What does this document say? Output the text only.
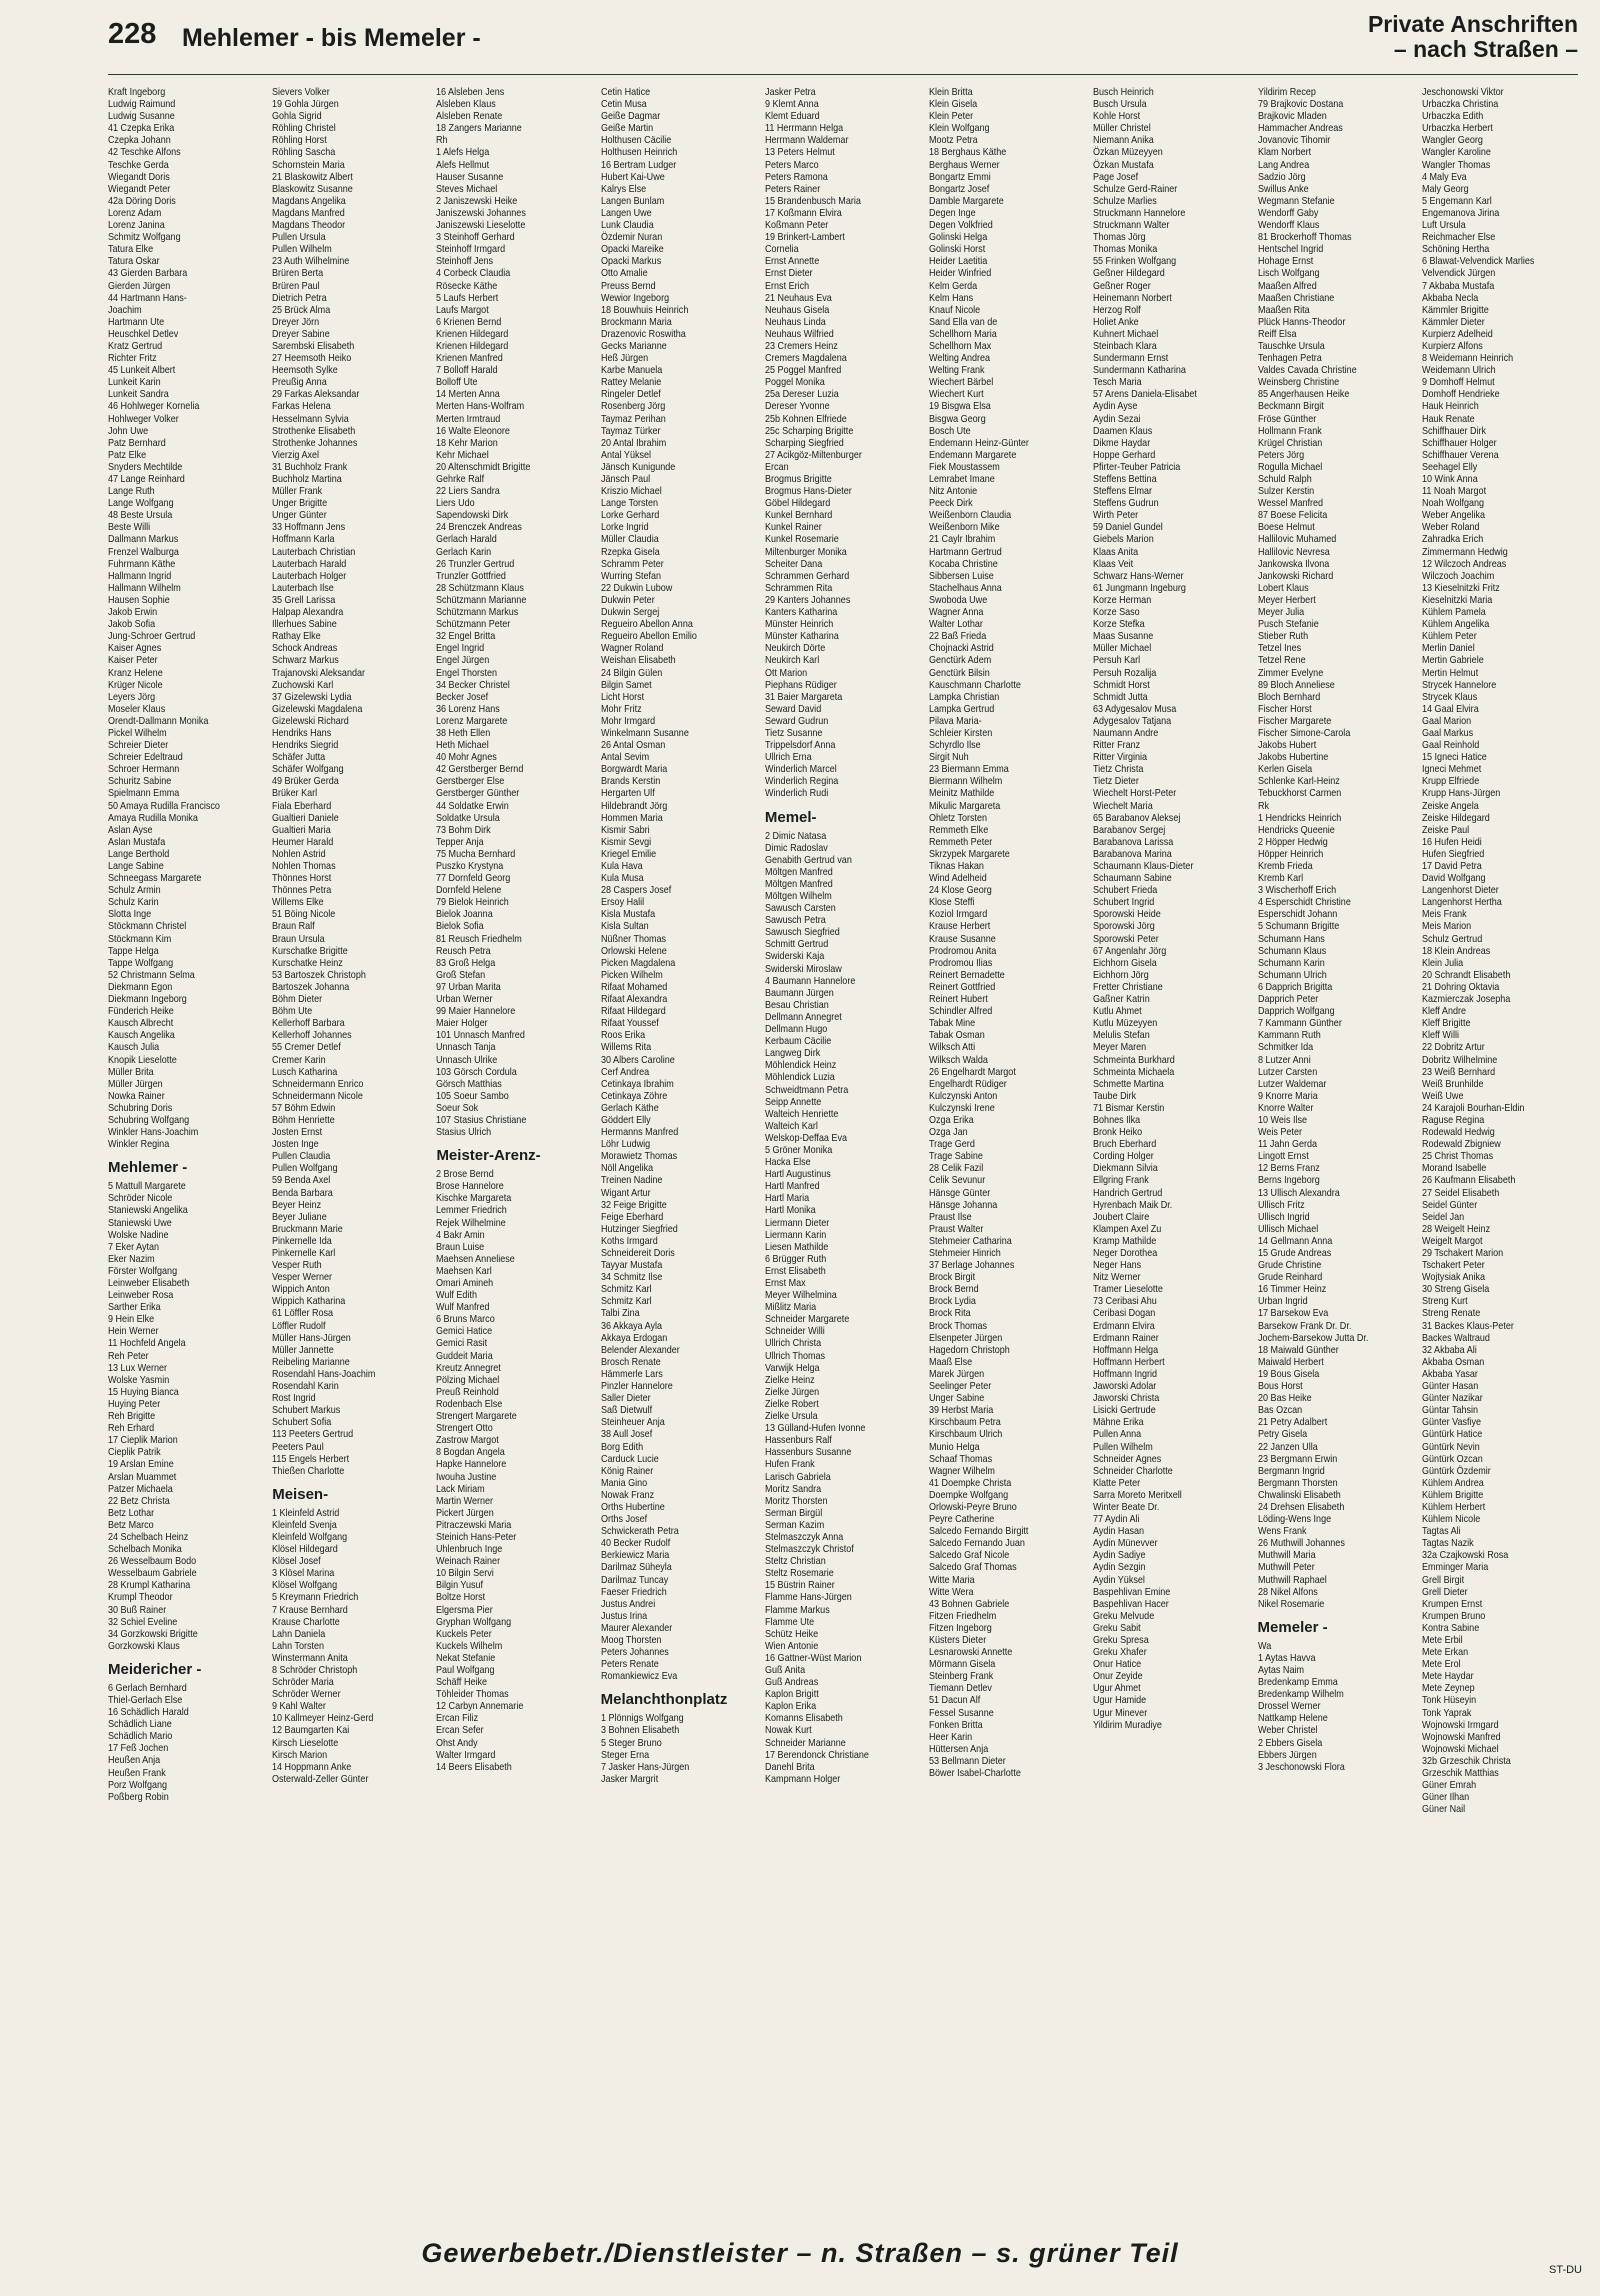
228 Mehlemer - bis Memeler -	Private Anschriften
– nach Straßen –
Kraft Ingeborg
Ludwig Raimund
Ludwig Susanne
41 Czepka Erika
Czepka Johann
42 Teschke Alfons
Teschke Gerda
Wiegandt Doris
Wiegandt Peter
42a Döring Doris
Lorenz Adam
Lorenz Janina
Schmitz Wolfgang
Tatura Elke
Tatura Oskar
43 Gierden Barbara
Gierden Jürgen
44 Hartmann Hans-
Joachim
Hartmann Ute
Heuschkel Detlev
Kratz Gertrud
Richter Fritz
45 Lunkeit Albert
Lunkeit Karin
Lunkeit Sandra
46 Hohlweger Kornelia
Hohlweger Volker
John Uwe
Patz Bernhard
Patz Elke
Snyders Mechtilde
47 Lange Reinhard
Lange Ruth
Lange Wolfgang
48 Beste Ursula
Beste Willi
Dallmann Markus
Frenzel Walburga
Fuhrmann Käthe
Hallmann Ingrid
Hallmann Wilhelm
Hausen Sophie
Jakob Erwin
Jakob Sofia
Jung-Schroer Gertrud
Kaiser Agnes
Kaiser Peter
Kranz Helene
Krüger Nicole
Leyers Jörg
Moseler Klaus
Orendt-Dallmann Monika
Pickel Wilhelm
Schreier Dieter
Schreier Edeltraud
Schroer Hermann
Schuritz Sabine
Spielmann Emma
50 Amaya Rudilla Francisco
Amaya Rudilla Monika
Aslan Ayse
Aslan Mustafa
Lange Berthold
Lange Sabine
Schneegass Margarete
Schulz Armin
Schulz Karin
Slotta Inge
Stöckmann Christel
Stöckmann Kim
Tappe Helga
Tappe Wolfgang
52 Christmann Selma
Diekmann Egon
Diekmann Ingeborg
Fünderich Heike
Kausch Albrecht
Kausch Angelika
Kausch Julia
Knopik Lieselotte
Müller Brita
Müller Jürgen
Nowka Rainer
Schubring Doris
Schubring Wolfgang
Winkler Hans-Joachim
Winkler Regina
Mehlemer -
5 Mattull Margarete
Schröder Nicole
Staniewski Angelika
Staniewski Uwe
Wolske Nadine
7 Eker Aytan
Eker Nazim
Förster Wolfgang
Leinweber Elisabeth
Leinweber Rosa
Sarther Erika
9 Hein Elke
Hein Werner
11 Hochfeld Angela
Reh Peter
13 Lux Werner
Wolske Yasmin
15 Huying Bianca
Huying Peter
Reh Brigitte
Reh Erhard
17 Cieplik Marion
Cieplik Patrik
19 Arslan Emine
Arslan Muammet
Patzer Michaela
22 Betz Christa
Betz Lothar
Betz Marco
24 Schelbach Heinz
Schelbach Monika
26 Wesselbaum Bodo
Wesselbaum Gabriele
28 Krumpl Katharina
Krumpl Theodor
30 Buß Rainer
32 Schiel Eveline
34 Gorzkowski Brigitte
Gorzkowski Klaus
Meidericher -
6 Gerlach Bernhard
Thiel-Gerlach Else
16 Schädlich Harald
Schädlich Liane
Schädlich Mario
17 Feß Jochen
Heußen Anja
Heußen Frank
Porz Wolfgang
Poßberg Robin
Sievers Volker
19 Gohla Jürgen
Gohla Sigrid
Röhling Christel
Röhling Horst
Röhling Sascha
Schornstein Maria
21 Blaskowitz Albert
Blaskowitz Susanne
Magdans Angelika
Magdans Manfred
Magdans Theodor
Pullen Ursula
Pullen Wilhelm
23 Auth Wilhelmine
Brüren Berta
Brüren Paul
Dietrich Petra
25 Brück Alma
Dreyer Jörn
Dreyer Sabine
Sarembski Elisabeth
27 Heemsoth Heiko
Heemsoth Sylke
Preußig Anna
29 Farkas Aleksandar
Farkas Helena
Hesselmann Sylvia
Strothenke Elisabeth
Strothenke Johannes
Vierzig Axel
31 Buchholz Frank
Buchholz Martina
Müller Frank
Unger Brigitte
Unger Günter
33 Hoffmann Jens
Hoffmann Karla
Lauterbach Christian
Lauterbach Harald
Lauterbach Holger
Lauterbach Ilse
35 Grell Larissa
Halpap Alexandra
Illerhues Sabine
Rathay Elke
Schock Andreas
Schwarz Markus
Trajanovski Aleksandar
Zuchowski Karl
37 Gizelewski Lydia
Gizelewski Magdalena
Gizelewski Richard
Hendriks Hans
Hendriks Siegrid
Schäfer Jutta
Schäfer Wolfgang
49 Brüker Gerda
Brüker Karl
Fiala Eberhard
Gualtieri Daniele
Gualtieri Maria
Heumer Harald
Nohlen Astrid
Nohlen Thomas
Thönnes Horst
Thönnes Petra
Willems Elke
51 Böing Nicole
Braun Ralf
Braun Ursula
Kurschatke Brigitte
Kurschatke Heinz
53 Bartoszek Christoph
Bartoszek Johanna
Böhm Dieter
Böhm Ute
Kellerhoff Barbara
Kellerhoff Johannes
55 Cremer Detlef
Cremer Karin
Lusch Katharina
Schneidermann Enrico
Schneidermann Nicole
57 Böhm Edwin
Böhm Henriette
Josten Ernst
Josten Inge
Pullen Claudia
Pullen Wolfgang
59 Benda Axel
Benda Barbara
Beyer Heinz
Beyer Juliane
Bruckmann Marie
Pinkernelle Ida
Pinkernelle Karl
Vesper Ruth
Vesper Werner
Wippich Anton
Wippich Katharina
61 Löffler Rosa
Löffler Rudolf
Müller Hans-Jürgen
Müller Jannette
Reibeling Marianne
Rosendahl Hans-Joachim
Rosendahl Karin
Rost Ingrid
Schubert Markus
Schubert Sofia
113 Peeters Gertrud
Peeters Paul
115 Engels Herbert
Thießen Charlotte
Meisen-
1 Kleinfeld Astrid
Kleinfeld Svenja
Kleinfeld Wolfgang
Klösel Hildegard
Klösel Josef
3 Klösel Marina
Klösel Wolfgang
5 Kreymann Friedrich
7 Krause Bernhard
Krause Charlotte
Lahn Daniela
Lahn Torsten
Winstermann Anita
8 Schröder Christoph
Schröder Maria
Schröder Werner
9 Kahl Walter
10 Kallmeyer Heinz-Gerd
12 Baumgarten Kai
Kirsch Lieselotte
Kirsch Marion
14 Hoppmann Anke
Osterwald-Zeller Günter
16 Alsleben Jens
Alsleben Klaus
Alsleben Renate
18 Zangers Marianne
Rh
1 Alefs Helga
Alefs Hellmut
Hauser Susanne
Steves Michael
2 Janiszewski Heike
Janiszewski Johannes
Janiszewski Lieselotte
3 Steinhoff Gerhard
Steinhoff Irmgard
Steinhoff Jens
4 Corbeck Claudia
Rösecke Käthe
5 Laufs Herbert
Laufs Margot
6 Krienen Bernd
Krienen Hildegard
Krienen Hildegard
Krienen Manfred
7 Bolloff Harald
Bolloff Ute
14 Merten Anna
Merten Hans-Wolfram
Merten Irmtraud
16 Walte Eleonore
18 Kehr Marion
Kehr Michael
20 Altenschmidt Brigitte
Gehrke Ralf
22 Liers Sandra
Liers Udo
Sapendowski Dirk
24 Brenczek Andreas
Gerlach Harald
Gerlach Karin
26 Trunzler Gertrud
Trunzler Gottfried
28 Schützmann Klaus
Schützmann Marianne
Schützmann Markus
Schützmann Peter
32 Engel Britta
Engel Ingrid
Engel Jürgen
Engel Thorsten
34 Becker Christel
Becker Josef
36 Lorenz Hans
Lorenz Margarete
38 Heth Ellen
Heth Michael
40 Mohr Agnes
42 Gerstberger Bernd
Gerstberger Else
Gerstberger Günther
44 Soldatke Erwin
Soldatke Ursula
73 Bohm Dirk
Tepper Anja
75 Mucha Bernhard
Puszko Krystyna
77 Dornfeld Georg
Dornfeld Helene
79 Bielok Heinrich
Bielok Joanna
Bielok Sofia
81 Reusch Friedhelm
Reusch Petra
83 Groß Helga
Groß Stefan
97 Urban Marita
Urban Werner
99 Maier Hannelore
Maier Holger
101 Unnasch Manfred
Unnasch Tanja
Unnasch Ulrike
103 Görsch Cordula
Görsch Matthias
105 Soeur Sambo
Soeur Sok
107 Stasius Christiane
Stasius Ulrich
Meister-Arenz-
2 Brose Bernd
Brose Hannelore
Kischke Margareta
Lemmer Friedrich
Rejek Wilhelmine
4 Bakr Amin
Braun Luise
Maehsen Anneliese
Maehsen Karl
Omari Amineh
Wulf Edith
Wulf Manfred
6 Bruns Marco
Gemici Hatice
Gemici Rasit
Guddeit Maria
Kreutz Annegret
Pölzing Michael
Preuß Reinhold
Rodenbach Else
Strengert Margarete
Strengert Otto
Zastrow Margot
8 Bogdan Angela
Hapke Hannelore
Iwouha Justine
Lack Miriam
Martin Werner
Pickert Jürgen
Pitraczewski Maria
Steinich Hans-Peter
Uhlenbruch Inge
Weinach Rainer
10 Bilgin Servi
Bilgin Yusuf
Boltze Horst
Elgersma Pier
Gryphan Wolfgang
Kuckels Peter
Kuckels Wilhelm
Nekat Stefanie
Paul Wolfgang
Schäff Heike
Töhleider Thomas
12 Carbyn Annemarie
Ercan Filiz
Ercan Sefer
Ohst Andy
Walter Irmgard
14 Beers Elisabeth
Cetin Hatice
Cetin Musa
Geiße Dagmar
Geiße Martin
Holthusen Cäcilie
Holthusen Heinrich
16 Bertram Ludger
Hubert Kai-Uwe
Kalrys Else
Langen Bunlam
Langen Uwe
Lunk Claudia
Özdemir Nuran
Opacki Mareike
Opacki Markus
Otto Amalie
Preuss Bernd
Wewior Ingeborg
18 Bouwhuis Heinrich
Brockmann Maria
Drazenovic Roswitha
Gecks Marianne
Heß Jürgen
Karbe Manuela
Rattey Melanie
Ringeler Detlef
Rosenberg Jörg
Taymaz Perihan
Taymaz Türker
20 Antal Ibrahim
Antal Yüksel
Jänsch Kunigunde
Jänsch Paul
Kriszio Michael
Lange Torsten
Lorke Gerhard
Lorke Ingrid
Müller Claudia
Rzepka Gisela
Schramm Peter
Wurring Stefan
22 Dukwin Lubow
Dukwin Peter
Dukwin Sergej
Regueiro Abellon Anna
Regueiro Abellon Emilio
Wagner Roland
Weishan Elisabeth
24 Bilgin Gülen
Bilgin Samet
Licht Horst
Mohr Fritz
Mohr Irmgard
Winkelmann Susanne
26 Antal Osman
Antal Sevim
Borgwardt Maria
Brands Kerstin
Hergarten Ulf
Hildebrandt Jörg
Hommen Maria
Kismir Sabri
Kismir Sevgi
Kriegel Emilie
Kula Hava
Kula Musa
28 Caspers Josef
Ersoy Halil
Kisla Mustafa
Kisla Sultan
Nüßner Thomas
Orlowski Helene
Picken Magdalena
Picken Wilhelm
Rifaat Mohamed
Rifaat Alexandra
Rifaat Hildegard
Rifaat Youssef
Roos Erika
Willems Rita
30 Albers Caroline
Cerf Andrea
Cetinkaya Ibrahim
Cetinkaya Zöhre
Gerlach Käthe
Göddert Elly
Hermanns Manfred
Löhr Ludwig
Morawietz Thomas
Nöll Angelika
Treinen Nadine
Wigant Artur
32 Feige Brigitte
Feige Eberhard
Hutzinger Siegfried
Koths Irmgard
Schneidereit Doris
Tayyar Mustafa
34 Schmitz Ilse
Schmitz Karl
Schmitz Karl
Talbi Zina
36 Akkaya Ayla
Akkaya Erdogan
Belender Alexander
Brosch Renate
Hämmerle Lars
Pinzler Hannelore
Saller Dieter
Saß Dietwulf
Steinheuer Anja
38 Aull Josef
Borg Edith
Carduck Lucie
König Rainer
Mania Gino
Nowak Franz
Orths Hubertine
Orths Josef
Schwickerath Petra
40 Becker Rudolf
Berkiewicz Maria
Darilmaz Süheyla
Darilmaz Tuncay
Faeser Friedrich
Justus Andrei
Justus Irina
Maurer Alexander
Moog Thorsten
Peters Johannes
Peters Renate
Romankiewicz Eva
Melanchthonplatz
1 Plönnigs Wolfgang
3 Bohnen Elisabeth
5 Steger Bruno
Steger Erna
7 Jasker Hans-Jürgen
Jasker Margrit
Jasker Petra
9 Klemt Anna
Klemt Eduard
11 Herrmann Helga
Herrmann Waldemar
13 Peters Helmut
Peters Marco
Peters Ramona
Peters Rainer
15 Brandenbusch Maria
17 Koßmann Elvira
Koßmann Peter
19 Brinkert-Lambert
Cornelia
Ernst Annette
Ernst Dieter
Ernst Erich
21 Neuhaus Eva
Neuhaus Gisela
Neuhaus Linda
Neuhaus Wilfried
23 Cremers Heinz
Cremers Magdalena
25 Poggel Manfred
Poggel Monika
25a Dereser Luzia
Dereser Yvonne
25b Kohnen Elfriede
25c Scharping Brigitte
Scharping Siegfried
27 Acikgöz-Miltenburger
Ercan
Brogmus Brigitte
Brogmus Hans-Dieter
Göbel Hildegard
Kunkel Bernhard
Kunkel Rainer
Kunkel Rosemarie
Miltenburger Monika
Scheiter Dana
Schrammen Gerhard
Schrammen Rita
29 Kanters Johannes
Kanters Katharina
Münster Heinrich
Münster Katharina
Neukirch Dörte
Neukirch Karl
Ott Marion
Piephans Rüdiger
31 Baier Margareta
Seward David
Seward Gudrun
Tietz Susanne
Trippelsdorf Anna
Ullrich Erna
Winderlich Marcel
Winderlich Regina
Winderlich Rudi
Memel-
2 Dimic Natasa
Dimic Radoslav
Genabith Gertrud van
Möltgen Manfred
Möltgen Manfred
Möltgen Wilhelm
Sawusch Carsten
Sawusch Petra
Sawusch Siegfried
Schmitt Gertrud
Swiderski Kaja
Swiderski Miroslaw
4 Baumann Hannelore
Baumann Jürgen
Besau Christian
Dellmann Annegret
Dellmann Hugo
Kerbaum Cäcilie
Langweg Dirk
Möhlendick Heinz
Möhlendick Luzia
Schweidtmann Petra
Seipp Annette
Walteich Henriette
Walteich Karl
Welskop-Deffaa Eva
5 Gröner Monika
Hacka Else
Hartl Augustinus
Hartl Manfred
Hartl Maria
Hartl Monika
Liermann Dieter
Liermann Karin
Liesen Mathilde
6 Brügger Ruth
Ernst Elisabeth
Ernst Max
Meyer Wilhelmina
Mißlitz Maria
Schneider Margarete
Schneider Willi
Ullrich Christa
Ullrich Thomas
Varwijk Helga
Zielke Heinz
Zielke Jürgen
Zielke Robert
Zielke Ursula
13 Gülland-Hufen Ivonne
Hassenburs Ralf
Hassenburs Susanne
Hufen Frank
Larisch Gabriela
Moritz Sandra
Moritz Thorsten
Serman Birgül
Serman Kazim
Stelmaszczyk Anna
Stelmaszczyk Christof
Steltz Christian
Steltz Rosemarie
15 Büstrin Rainer
Flamme Hans-Jürgen
Flamme Markus
Flamme Ute
Schütz Heike
Wien Antonie
16 Gattner-Wüst Marion
Guß Anita
Guß Andreas
Kaplon Brigitt
Kaplon Erika
Komanns Elisabeth
Nowak Kurt
Schneider Marianne
17 Berendonck Christiane
Danehl Brita
Kampmann Holger
Klein Britta
Klein Gisela
Klein Peter
Klein Wolfgang
Mootz Petra
18 Berghaus Käthe
Berghaus Werner
Bongartz Emmi
Bongartz Josef
Damble Margarete
Degen Inge
Degen Volkfried
Golinski Helga
Golinski Horst
Heider Laetitia
Heider Winfried
Kelm Gerda
Kelm Hans
Knauf Nicole
Sand Ella van de
Schellhorn Maria
Schellhorn Max
Welting Andrea
Welting Frank
Wiechert Bärbel
Wiechert Kurt
19 Bisgwa Elsa
Bisgwa Georg
Bosch Ute
Endemann Heinz-Günter
Endemann Margarete
Fiek Moustassem
Lemrabet Imane
Nitz Antonie
Peeck Dirk
Weißenborn Claudia
Weißenborn Mike
21 Caylr Ibrahim
Hartmann Gertrud
Kocaba Christine
Sibbersen Luise
Stachelhaus Anna
Swoboda Uwe
Wagner Anna
Walter Lothar
22 Baß Frieda
Chojnacki Astrid
Genctürk Adem
Genctürk Bilsin
Kauschmann Charlotte
Lampka Christian
Lampka Gertrud
Pilava Maria-
Schleier Kirsten
Schyrdlo Ilse
Sirgit Nuh
23 Biermann Emma
Biermann Wilhelm
Meinitz Mathilde
Mikulic Margareta
Ohletz Torsten
Remmeth Elke
Remmeth Peter
Skrzypek Margarete
Tiknas Hakan
Wind Adelheid
24 Klose Georg
Klose Steffi
Koziol Irmgard
Krause Herbert
Krause Susanne
Prodromou Anita
Prodromou Ilias
Reinert Bernadette
Reinert Gottfried
Reinert Hubert
Schindler Alfred
Tabak Mine
Tabak Osman
Wilksch Atti
Wilksch Walda
26 Engelhardt Margot
Engelhardt Rüdiger
Kulczynski Anton
Kulczynski Irene
Ozga Erika
Ozga Jan
Trage Gerd
Trage Sabine
28 Celik Fazil
Celik Sevunur
Hänsge Günter
Hänsge Johanna
Praust Ilse
Praust Walter
Stehmeier Catharina
Stehmeier Hinrich
37 Berlage Johannes
Brock Birgit
Brock Bernd
Brock Lydia
Brock Rita
Brock Thomas
Elsenpeter Jürgen
Hagedorn Christoph
Maaß Else
Marek Jürgen
Seelinger Peter
Unger Sabine
39 Herbst Maria
Kirschbaum Petra
Kirschbaum Ulrich
Munio Helga
Schaaf Thomas
Wagner Wilhelm
41 Doempke Christa
Doempke Wolfgang
Orlowski-Peyre Bruno
Peyre Catherine
Salcedo Fernando Birgitt
Salcedo Fernando Juan
Salcedo Graf Nicole
Salcedo Graf Thomas
Witte Maria
Witte Wera
43 Bohnen Gabriele
Fitzen Friedhelm
Fitzen Ingeborg
Küsters Dieter
Lesnarowski Annette
Mörmann Gisela
Steinberg Frank
Tiemann Detlev
51 Dacun Alf
Fessel Susanne
Fonken Britta
Heer Karin
Hüttersen Anja
53 Bellmann Dieter
Böwer Isabel-Charlotte
Busch Heinrich
Busch Ursula
Kohle Horst
Müller Christel
Niemann Anika
Özkan Müzeyyen
Özkan Mustafa
Page Josef
Schulze Gerd-Rainer
Schulze Marlies
Struckmann Hannelore
Struckmann Walter
Thomas Jörg
Thomas Monika
55 Frinken Wolfgang
Geßner Hildegard
Geßner Roger
Heinemann Norbert
Herzog Rolf
Holiet Anke
Kuhnert Michael
Steinbach Klara
Sundermann Ernst
Sundermann Katharina
Tesch Maria
57 Arens Daniela-Elisabet
Aydin Ayse
Aydin Sezai
Daamen Klaus
Dikme Haydar
Hoppe Gerhard
Pfirter-Teuber Patricia
Steffens Bettina
Steffens Elmar
Steffens Gudrun
Wirth Peter
59 Daniel Gundel
Giebels Marion
Klaas Anita
Klaas Veit
Schwarz Hans-Werner
61 Jungmann Ingeburg
Korze Herman
Korze Saso
Korze Stefka
Maas Susanne
Müller Michael
Persuh Karl
Persuh Rozalija
Schmidt Horst
Schmidt Jutta
63 Adygesalov Musa
Adygesalov Tatjana
Naumann Andre
Ritter Franz
Ritter Virginia
Tietz Christa
Tietz Dieter
Wiechelt Horst-Peter
Wiechelt Maria
65 Barabanov Aleksej
Barabanov Sergej
Barabanova Larissa
Barabanova Marina
Schaumann Klaus-Dieter
Schaumann Sabine
Schubert Frieda
Schubert Ingrid
Sporowski Heide
Sporowski Jörg
Sporowski Peter
67 Angenlahr Jörg
Eichhorn Gisela
Eichhorn Jörg
Fretter Christiane
Gaßner Katrin
Kutlu Ahmet
Kutlu Müzeyyen
Melulis Stefan
Meyer Maren
Schmeinta Burkhard
Schmeinta Michaela
Schmette Martina
Taube Dirk
71 Bismar Kerstin
Bohnes Ilka
Bronk Heiko
Bruch Eberhard
Cording Holger
Diekmann Silvia
Ellgring Frank
Handrich Gertrud
Hyrenbach Maik Dr.
Joubert Claire
Klampen Axel Zu
Kramp Mathilde
Neger Dorothea
Neger Hans
Nitz Werner
Tramer Lieselotte
73 Ceribasi Ahu
Ceribasi Dogan
Erdmann Elvira
Erdmann Rainer
Hoffmann Helga
Hoffmann Herbert
Hoffmann Ingrid
Jaworski Adolar
Jaworski Christa
Lisicki Gertrude
Mähne Erika
Pullen Anna
Pullen Wilhelm
Schneider Agnes
Schneider Charlotte
Klatte Peter
Sarra Moreto Meritxell
Winter Beate Dr.
77 Aydin Ali
Aydin Hasan
Aydin Münevver
Aydin Sadiye
Aydin Sezgin
Aydin Yüksel
Baspehlivan Emine
Baspehlivan Hacer
Greku Melvude
Greku Sabit
Greku Spresa
Greku Xhafer
Onur Hatice
Onur Zeyide
Ugur Ahmet
Ugur Hamide
Ugur Minever
Yildirim Muradiye
Yildirim Recep
79 Brajkovic Dostana
Brajkovic Mladen
Hammacher Andreas
Jovanovic Tihomir
Klam Norbert
Lang Andrea
Sadzio Jörg
Swillus Anke
Wegmann Stefanie
Wendorff Gaby
Wendorff Klaus
81 Brockerhoff Thomas
Hentschel Ingrid
Hohage Ernst
Lisch Wolfgang
Maaßen Alfred
Maaßen Christiane
Maaßen Rita
Plück Hanns-Theodor
Reiff Elsa
Tauschke Ursula
Tenhagen Petra
Valdes Cavada Christine
Weinsberg Christine
85 Angerhausen Heike
Beckmann Birgit
Fröse Günther
Hollmann Frank
Krügel Christian
Peters Jörg
Rogulla Michael
Schuld Ralph
Sulzer Kerstin
Wessel Manfred
87 Boese Felicita
Boese Helmut
Hallilovic Muhamed
Hallilovic Nevresa
Jankowska Ilvona
Jankowski Richard
Lobert Klaus
Meyer Herbert
Meyer Julia
Pusch Stefanie
Stieber Ruth
Tetzel Ines
Tetzel Rene
Zimmer Evelyne
89 Bloch Anneliese
Bloch Bernhard
Fischer Horst
Fischer Margarete
Fischer Simone-Carola
Jakobs Hubert
Jakobs Hubertine
Kerlen Gisela
Schlenke Karl-Heinz
Tebuckhorst Carmen
Rk
1 Hendricks Heinrich
Hendricks Queenie
2 Höpper Hedwig
Höpper Heinrich
Kremb Frieda
Kremb Karl
3 Wischerhoff Erich
4 Esperschidt Christine
Esperschidt Johann
5 Schumann Brigitte
Schumann Hans
Schumann Klaus
Schumann Karin
Schumann Ulrich
6 Dapprich Brigitta
Dapprich Peter
Dapprich Wolfgang
7 Kammann Günther
Kammann Ruth
Schmitker Ida
8 Lutzer Anni
Lutzer Carsten
Lutzer Waldemar
9 Knorre Maria
Knorre Walter
10 Weis Ilse
Weis Peter
11 Jahn Gerda
Lingott Ernst
12 Berns Franz
Berns Ingeborg
13 Ullisch Alexandra
Ullisch Fritz
Ullisch Ingrid
Ullisch Michael
14 Gellmann Anna
15 Grude Andreas
Grude Christine
Grude Reinhard
16 Timmer Heinz
Urban Ingrid
17 Barsekow Eva
Barsekow Frank Dr. Dr.
Jochem-Barsekow Jutta Dr.
18 Maiwald Günther
Maiwald Herbert
19 Bous Gisela
Bous Horst
20 Bas Heike
Bas Ozcan
21 Petry Adalbert
Petry Gisela
22 Janzen Ulla
23 Bergmann Erwin
Bergmann Ingrid
Bergmann Thorsten
Chwalinski Elisabeth
24 Drehsen Elisabeth
Löding-Wens Inge
Wens Frank
26 Muthwill Johannes
Muthwill Maria
Muthwill Peter
Muthwill Raphael
28 Nikel Alfons
Nikel Rosemarie
Memeler -
Wa
1 Aytas Havva
Aytas Naim
Bredenkamp Emma
Bredenkamp Wilhelm
Drossel Werner
Nattkamp Helene
Weber Christel
2 Ebbers Gisela
Ebbers Jürgen
3 Jeschonowski Flora
Jeschonowski Viktor
Urbaczka Christina
Urbaczka Edith
Urbaczka Herbert
Wangler Georg
Wangler Karoline
Wangler Thomas
4 Maly Eva
Maly Georg
5 Engemann Karl
Engemanova Jirina
Luft Ursula
Reichmacher Else
Schöning Hertha
6 Blawat-Velvendick Marlies
Velvendick Jürgen
7 Akbaba Mustafa
Akbaba Necla
Kämmler Brigitte
Kämmler Dieter
Kurpierz Adelheid
Kurpierz Alfons
8 Weidemann Heinrich
Weidemann Ulrich
9 Domhoff Helmut
Domhoff Hendrieke
Hauk Heinrich
Hauk Renate
Schiffhauer Dirk
Schiffhauer Holger
Schiffhauer Verena
Seehagel Elly
10 Wink Anna
11 Noah Margot
Noah Wolfgang
Weber Angelika
Weber Roland
Zahradka Erich
Zimmermann Hedwig
12 Wilczoch Andreas
Wilczoch Joachim
13 Kieselnitzki Fritz
Kieselnitzki Maria
Kühlem Pamela
Kühlem Angelika
Kühlem Peter
Merlin Daniel
Mertin Gabriele
Mertin Helmut
Strycek Hannelore
Strycek Klaus
14 Gaal Elvira
Gaal Marion
Gaal Markus
Gaal Reinhold
15 Igneci Hatice
Igneci Mehmet
Krupp Elfriede
Krupp Hans-Jürgen
Zeiske Angela
Zeiske Hildegard
Zeiske Paul
16 Hufen Heidi
Hufen Siegfried
17 David Petra
David Wolfgang
Langenhorst Dieter
Langenhorst Hertha
Meis Frank
Meis Marion
Schulz Gertrud
18 Klein Andreas
Klein Julia
20 Schrandt Elisabeth
21 Dohring Oktavia
Kazmierczak Josepha
Kleff Andre
Kleff Brigitte
Kleff Willi
22 Dobritz Artur
Dobritz Wilhelmine
23 Weiß Bernhard
Weiß Brunhilde
Weiß Uwe
24 Karajoli Bourhan-Eldin
Raguse Regina
Rodewald Hedwig
Rodewald Zbigniew
25 Christ Thomas
Morand Isabelle
26 Kaufmann Elisabeth
27 Seidel Elisabeth
Seidel Günter
Seidel Jan
28 Weigelt Heinz
Weigelt Margot
29 Tschakert Marion
Tschakert Peter
Wojtysiak Anika
30 Streng Gisela
Streng Kurt
Streng Renate
31 Backes Klaus-Peter
Backes Waltraud
32 Akbaba Ali
Akbaba Osman
Akbaba Yasar
Günter Hasan
Günter Nazikar
Güntar Tahsin
Günter Vasfiye
Güntürk Hatice
Güntürk Nevin
Güntürk Ozcan
Güntürk Özdemir
Kühlem Andrea
Kühlem Brigitte
Kühlem Herbert
Kühlem Nicole
Tagtas Ali
Tagtas Nazik
32a Czajkowski Rosa
Emminger Maria
Grell Birgit
Grell Dieter
Krumpen Ernst
Krumpen Bruno
Kontra Sabine
Mete Erbil
Mete Erkan
Mete Erol
Mete Haydar
Mete Zeynep
Tonk Hüseyin
Tonk Yaprak
Wojnowski Irmgard
Wojnowski Manfred
Wojnowski Michael
32b Grzeschik Christa
Grzeschik Matthias
Güner Emrah
Güner Ilhan
Güner Nail
Gewerbebetr./Dienstleister – n. Straßen – s. grüner Teil
ST-DU
